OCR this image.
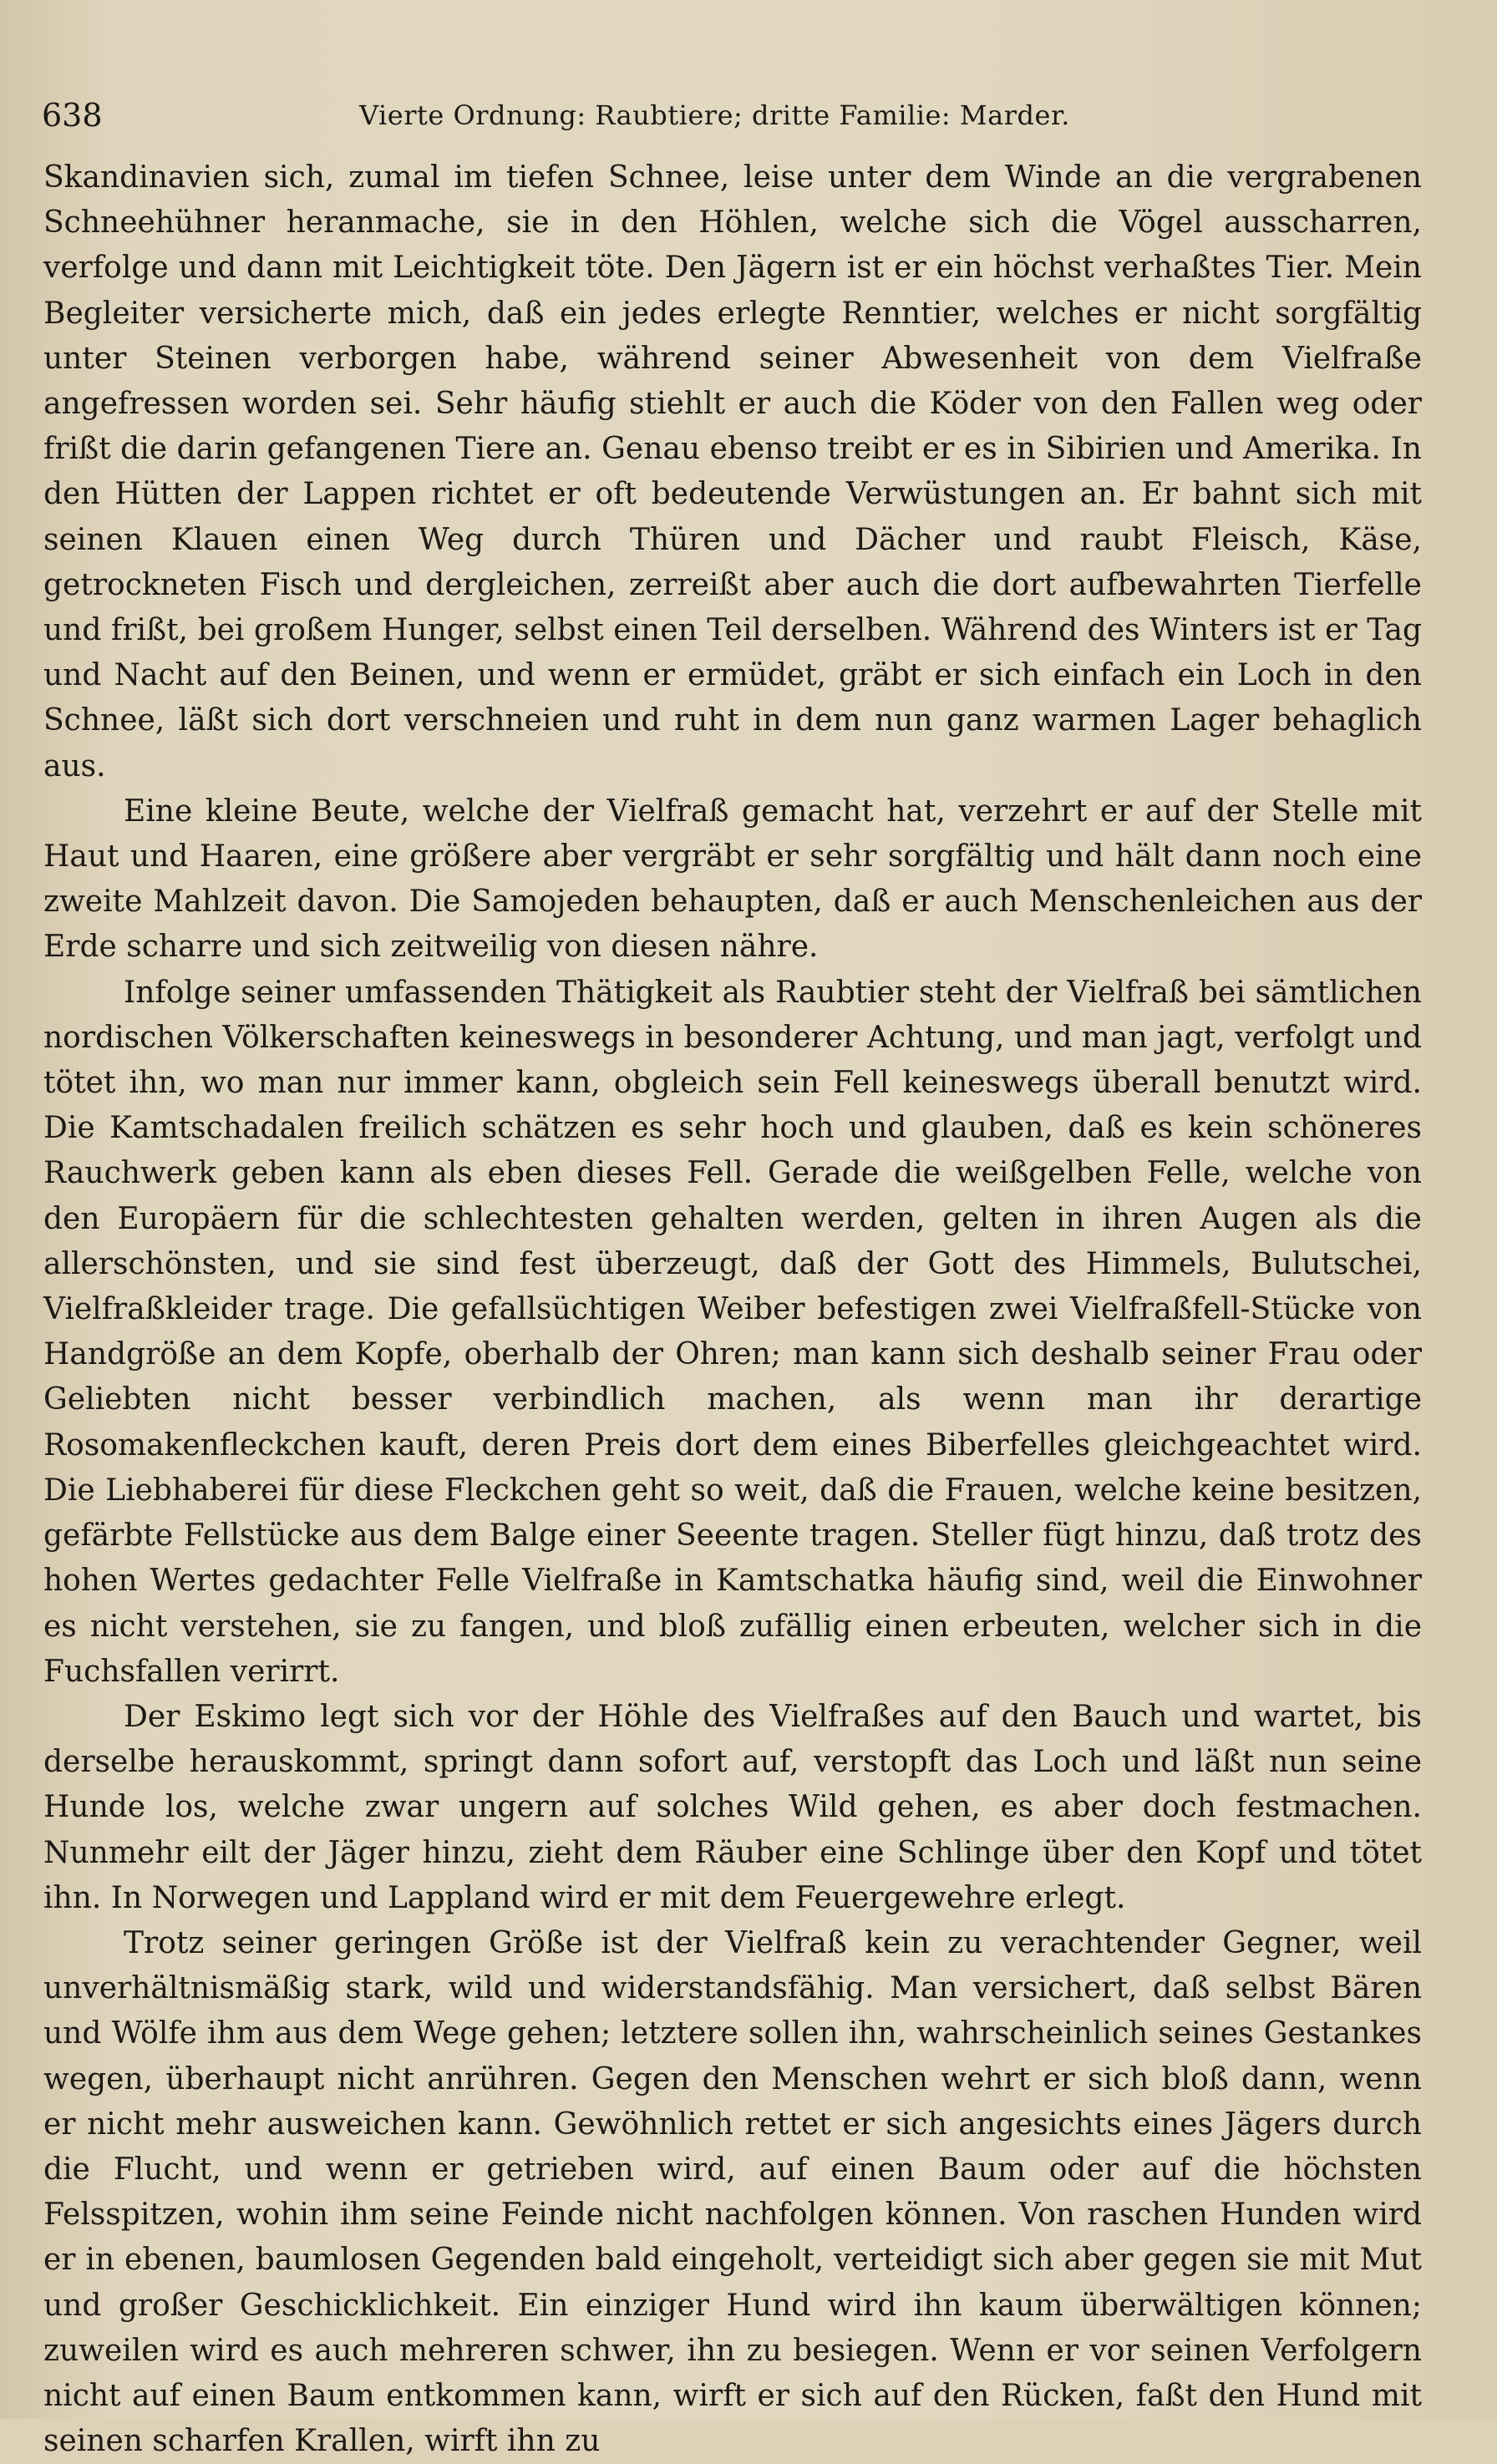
638	Vierte Ordnung: Raubtiere; dritte Familie: Marder.

Skandinavien sich, zumal im tiefen Schnee, leise unter dem Winde an die vergrabenen Schneehühner heranmache, sie in den Höhlen, welche sich die Vögel ausscharren, verfolge und dann mit Leichtigkeit töte. Den Jägern ist er ein höchst verhaßtes Tier. Mein Begleiter versicherte mich, daß ein jedes erlegte Renntier, welches er nicht sorgfältig unter Steinen verborgen habe, während seiner Abwesenheit von dem Vielfraße angefressen worden sei. Sehr häufig stiehlt er auch die Köder von den Fallen weg oder frißt die darin gefangenen Tiere an. Genau ebenso treibt er es in Sibirien und Amerika. In den Hütten der Lappen richtet er oft bedeutende Verwüstungen an. Er bahnt sich mit seinen Klauen einen Weg durch Thüren und Dächer und raubt Fleisch, Käse, getrockneten Fisch und dergleichen, zerreißt aber auch die dort aufbewahrten Tierfelle und frißt, bei großem Hunger, selbst einen Teil derselben. Während des Winters ist er Tag und Nacht auf den Beinen, und wenn er ermüdet, gräbt er sich einfach ein Loch in den Schnee, läßt sich dort verschneien und ruht in dem nun ganz warmen Lager behaglich aus.

Eine kleine Beute, welche der Vielfraß gemacht hat, verzehrt er auf der Stelle mit Haut und Haaren, eine größere aber vergräbt er sehr sorgfältig und hält dann noch eine zweite Mahlzeit davon. Die Samojeden behaupten, daß er auch Menschenleichen aus der Erde scharre und sich zeitweilig von diesen nähre.

Infolge seiner umfassenden Thätigkeit als Raubtier steht der Vielfraß bei sämtlichen nordischen Völkerschaften keineswegs in besonderer Achtung, und man jagt, verfolgt und tötet ihn, wo man nur immer kann, obgleich sein Fell keineswegs überall benutzt wird. Die Kamtschadalen freilich schätzen es sehr hoch und glauben, daß es kein schöneres Rauchwerk geben kann als eben dieses Fell. Gerade die weißgelben Felle, welche von den Europäern für die schlechtesten gehalten werden, gelten in ihren Augen als die allerschönsten, und sie sind fest überzeugt, daß der Gott des Himmels, Bulutschei, Vielfraßkleider trage. Die gefallsüchtigen Weiber befestigen zwei Vielfraßfell-Stücke von Handgröße an dem Kopfe, oberhalb der Ohren; man kann sich deshalb seiner Frau oder Geliebten nicht besser verbindlich machen, als wenn man ihr derartige Rosomakenfleckchen kauft, deren Preis dort dem eines Biberfelles gleichgeachtet wird. Die Liebhaberei für diese Fleckchen geht so weit, daß die Frauen, welche keine besitzen, gefärbte Fellstücke aus dem Balge einer Seeente tragen. Steller fügt hinzu, daß trotz des hohen Wertes gedachter Felle Vielfraße in Kamtschatka häufig sind, weil die Einwohner es nicht verstehen, sie zu fangen, und bloß zufällig einen erbeuten, welcher sich in die Fuchsfallen verirrt.

Der Eskimo legt sich vor der Höhle des Vielfraßes auf den Bauch und wartet, bis derselbe herauskommt, springt dann sofort auf, verstopft das Loch und läßt nun seine Hunde los, welche zwar ungern auf solches Wild gehen, es aber doch festmachen. Nunmehr eilt der Jäger hinzu, zieht dem Räuber eine Schlinge über den Kopf und tötet ihn. In Norwegen und Lappland wird er mit dem Feuergewehre erlegt.

Trotz seiner geringen Größe ist der Vielfraß kein zu verachtender Gegner, weil unverhältnismäßig stark, wild und widerstandsfähig. Man versichert, daß selbst Bären und Wölfe ihm aus dem Wege gehen; letztere sollen ihn, wahrscheinlich seines Gestankes wegen, überhaupt nicht anrühren. Gegen den Menschen wehrt er sich bloß dann, wenn er nicht mehr ausweichen kann. Gewöhnlich rettet er sich angesichts eines Jägers durch die Flucht, und wenn er getrieben wird, auf einen Baum oder auf die höchsten Felsspitzen, wohin ihm seine Feinde nicht nachfolgen können. Von raschen Hunden wird er in ebenen, baumlosen Gegenden bald eingeholt, verteidigt sich aber gegen sie mit Mut und großer Geschicklichkeit. Ein einziger Hund wird ihn kaum überwältigen können; zuweilen wird es auch mehreren schwer, ihn zu besiegen. Wenn er vor seinen Verfolgern nicht auf einen Baum entkommen kann, wirft er sich auf den Rücken, faßt den Hund mit seinen scharfen Krallen, wirft ihn zu
